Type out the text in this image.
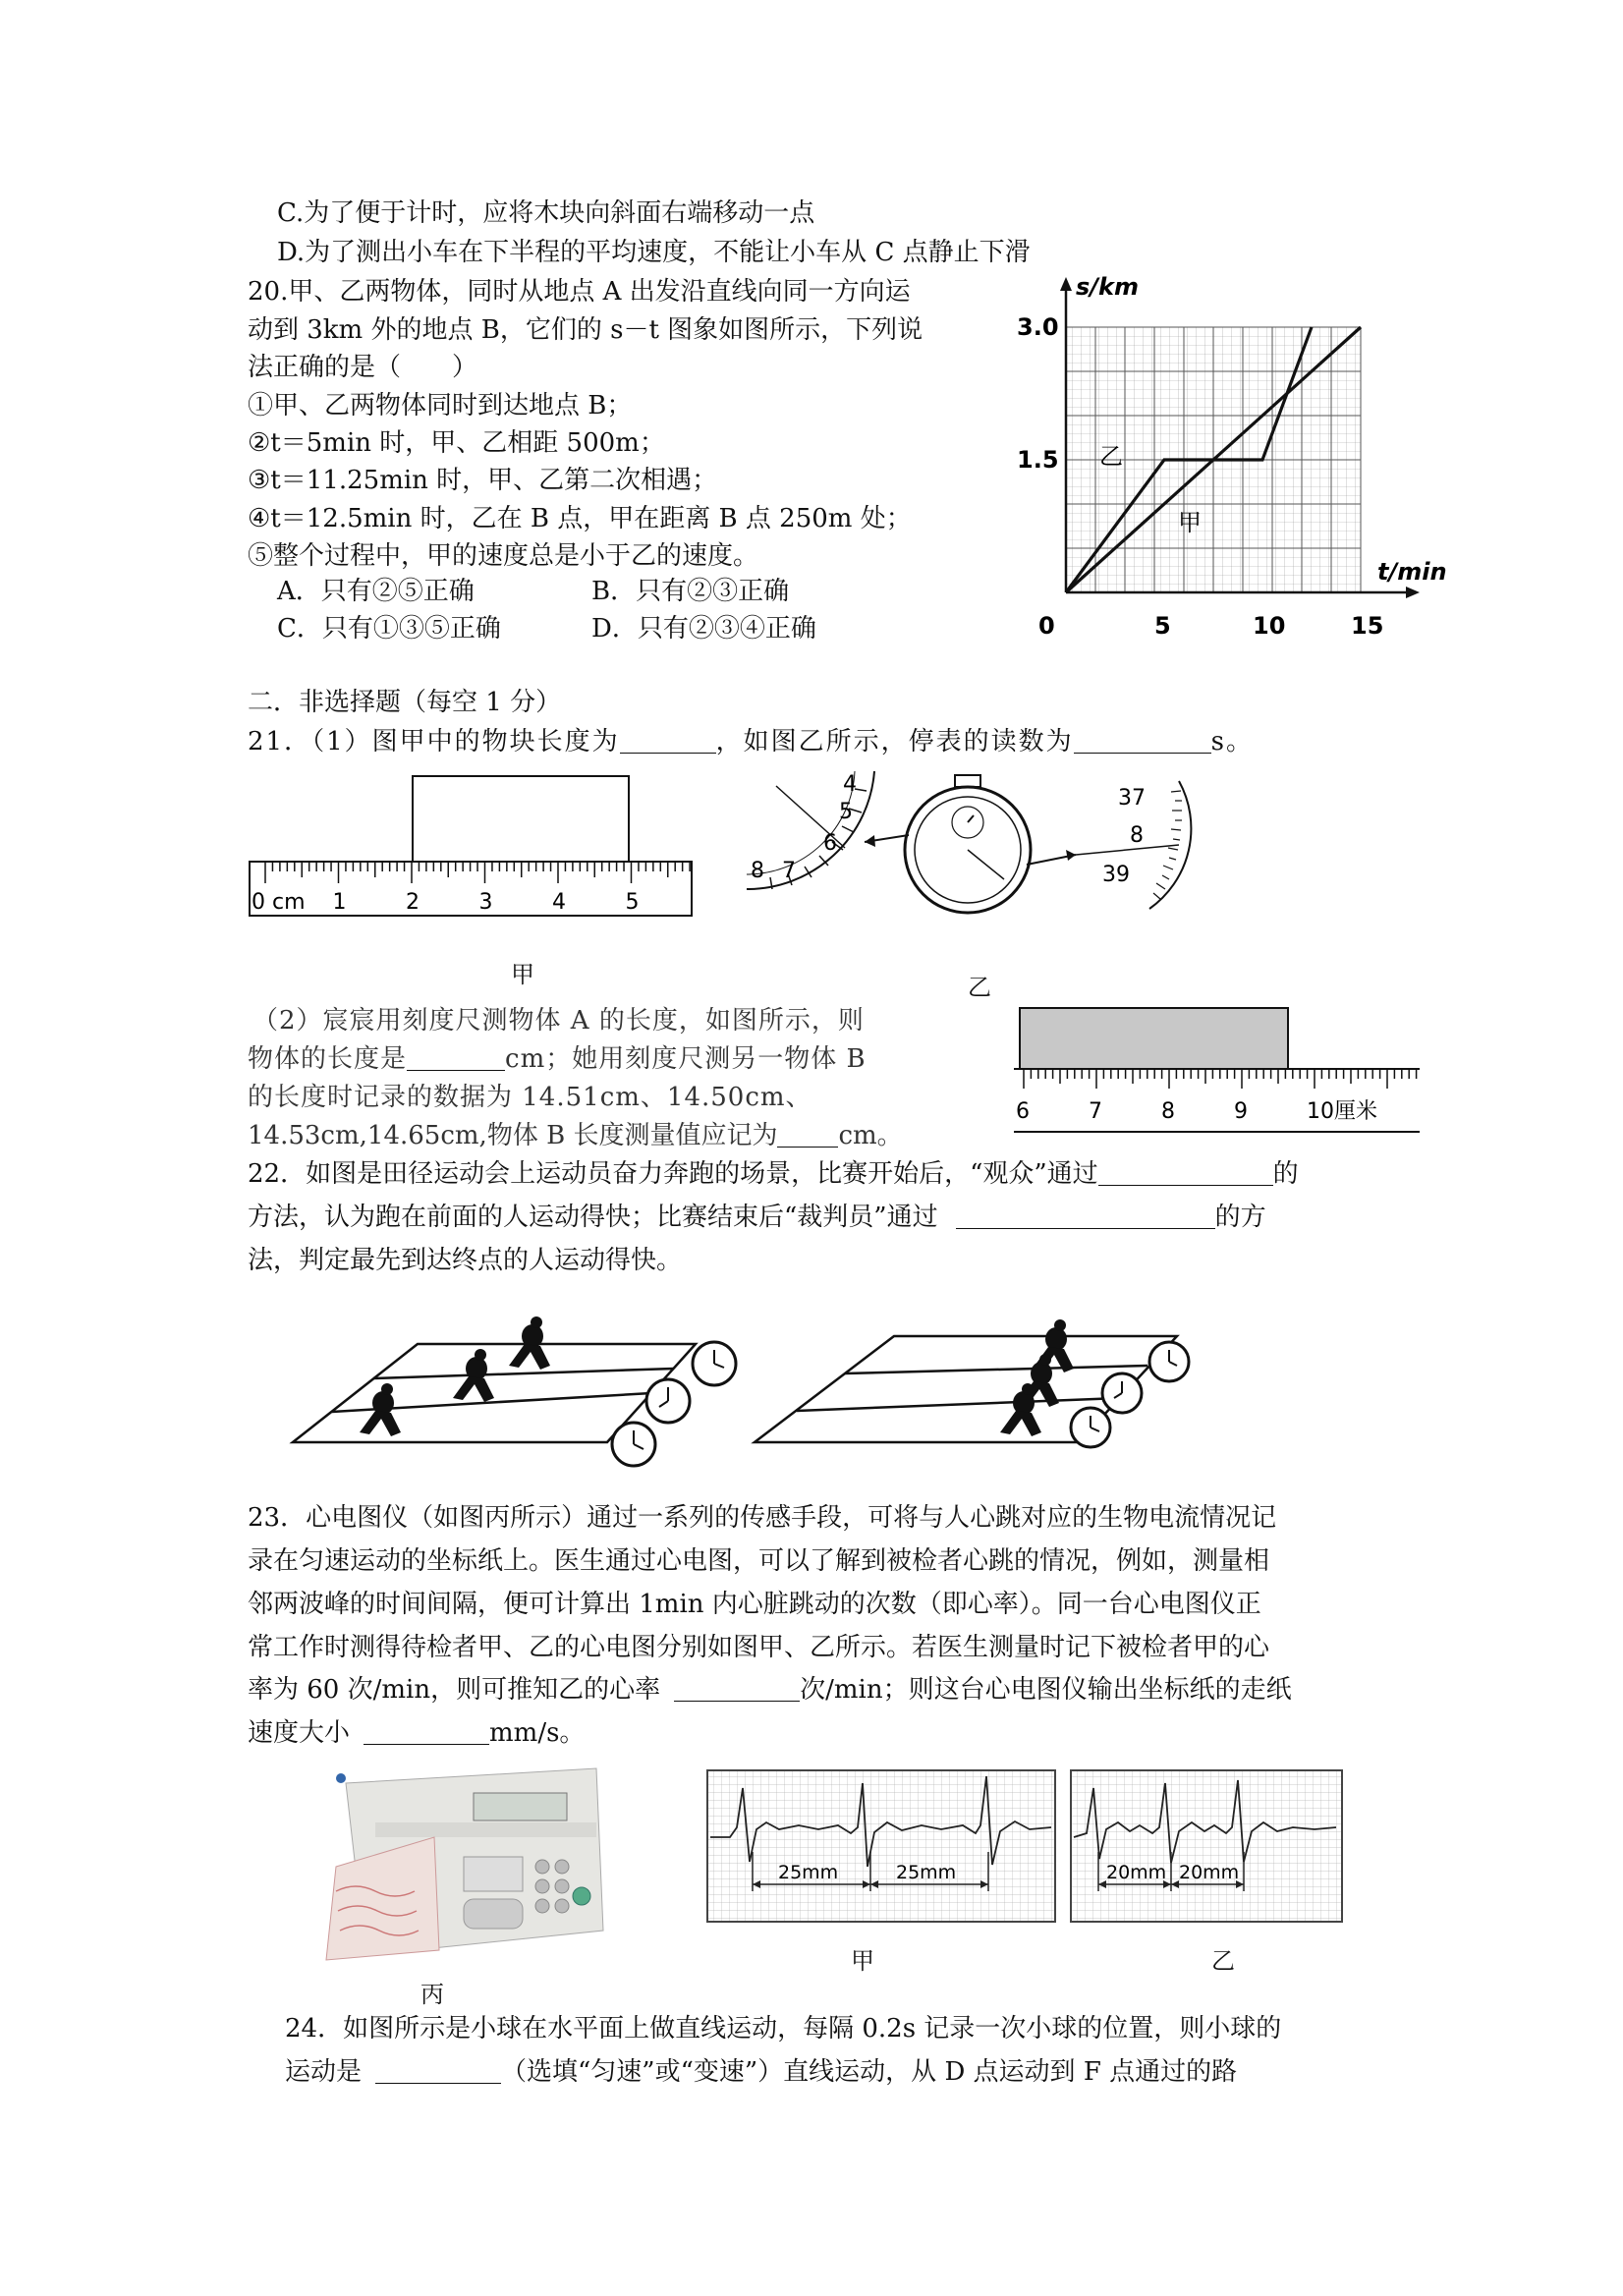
C.为了便于计时，应将木块向斜面右端移动一点
D.为了测出小车在下半程的平均速度，不能让小车从 C 点静止下滑
20.甲、乙两物体，同时从地点 A 出发沿直线向同一方向运
动到 3km 外的地点 B，它们的 s－t 图象如图所示，下列说
法正确的是（　　）
①甲、乙两物体同时到达地点 B；
②t＝5min 时，甲、乙相距 500m；
③t＝11.25min 时，甲、乙第二次相遇；
④t＝12.5min 时，乙在 B 点，甲在距离 B 点 250m 处；
⑤整个过程中，甲的速度总是小于乙的速度。
A．只有②⑤正确	B．只有②③正确
C．只有①③⑤正确	D．只有②③④正确
甲
乙
0	5	10	15
1.5
3.0
s/km
t/min
二．非选择题（每空 1 分）
21．（1）图甲中的物块长度为	，如图乙所示，停表的读数为	s。
0 cm 1	2	3	4	5
甲
4
5
6
7
8
37
8
39
乙
（2）宸宸用刻度尺测物体 A 的长度，如图所示，则
物体的长度是	cm；她用刻度尺测另一物体 B
的长度时记录的数据为 14.51cm、14.50cm、
14.53cm,14.65cm,物体 B 长度测量值应记为 cm。
6	7	8	9	10厘米
22．如图是田径运动会上运动员奋力奔跑的场景，比赛开始后，“观众”通过	的
方法，认为跑在前面的人运动得快；比赛结束后“裁判员”通过	的方
法，判定最先到达终点的人运动得快。
23．心电图仪（如图丙所示）通过一系列的传感手段，可将与人心跳对应的生物电流情况记
录在匀速运动的坐标纸上。医生通过心电图，可以了解到被检者心跳的情况，例如，测量相
邻两波峰的时间间隔，便可计算出 1min 内心脏跳动的次数（即心率）。同一台心电图仪正
常工作时测得待检者甲、乙的心电图分别如图甲、乙所示。若医生测量时记下被检者甲的心
率为 60 次/min，则可推知乙的心率	次/min；则这台心电图仪输出坐标纸的走纸
速度大小	mm/s。
丙
25mm	25mm
甲
20mm 20mm
乙
24．如图所示是小球在水平面上做直线运动，每隔 0.2s 记录一次小球的位置，则小球的
运动是	（选填“匀速”或“变速”）直线运动，从 D 点运动到 F 点通过的路
